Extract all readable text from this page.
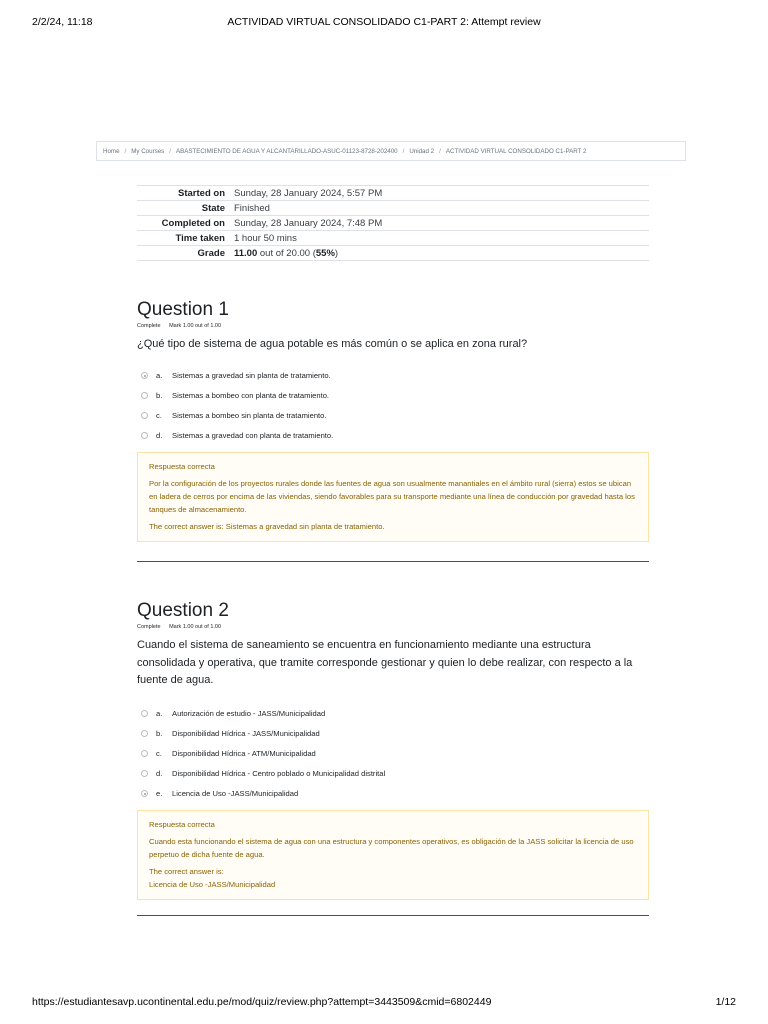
2/2/24, 11:18	ACTIVIDAD VIRTUAL CONSOLIDADO C1-PART 2: Attempt review
Home / My Courses / ABASTECIMIENTO DE AGUA Y ALCANTARILLADO-ASUC-01123-8728-202400 / Unidad 2 / ACTIVIDAD VIRTUAL CONSOLIDADO C1-PART 2
Started on	Sunday, 28 January 2024, 5:57 PM
State	Finished
Completed on	Sunday, 28 January 2024, 7:48 PM
Time taken	1 hour 50 mins
Grade	11.00 out of 20.00 (55%)
Question 1
Complete Mark 1.00 out of 1.00
¿Qué tipo de sistema de agua potable es más común o se aplica en zona rural?
a.	Sistemas a gravedad sin planta de tratamiento.
b.	Sistemas a bombeo con planta de tratamiento.
c.	Sistemas a bombeo sin planta de tratamiento.
d.	Sistemas a gravedad con planta de tratamiento.

Respuesta correcta

Por la configuración de los proyectos rurales donde las fuentes de agua son usualmente manantiales en el ámbito rural (sierra) estos se ubican en ladera de cerros por encima de las viviendas, siendo favorables para su transporte mediante una línea de conducción por gravedad hasta los tanques de almacenamiento.

The correct answer is: Sistemas a gravedad sin planta de tratamiento.

Question 2
Complete Mark 1.00 out of 1.00
Cuando el sistema de saneamiento se encuentra en funcionamiento mediante una estructura consolidada y operativa, que tramite corresponde gestionar y quien lo debe realizar, con respecto a la fuente de agua.
a.	Autorización de estudio - JASS/Municipalidad
b.	Disponibilidad Hídrica - JASS/Municipalidad
c.	Disponibilidad Hídrica - ATM/Municipalidad
d.	Disponibilidad Hídrica - Centro poblado o Municipalidad distrital
e.	Licencia de Uso -JASS/Municipalidad

Respuesta correcta

Cuando esta funcionando el sistema de agua con una estructura y componentes operativos, es obligación de la JASS solicitar la licencia de uso perpetuo de dicha fuente de agua.

The correct answer is:

Licencia de Uso -JASS/Municipalidad

https://estudiantesavp.ucontinental.edu.pe/mod/quiz/review.php?attempt=3443509&cmid=6802449	1/12
